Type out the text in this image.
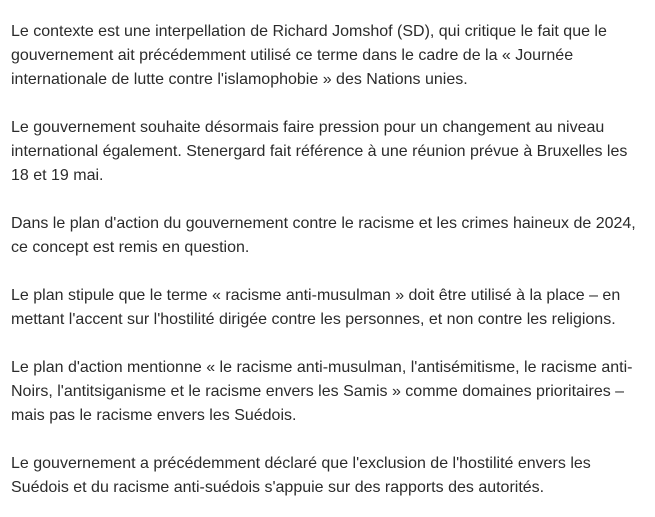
Le contexte est une interpellation de Richard Jomshof (SD), qui critique le fait que le
gouvernement ait précédemment utilisé ce terme dans le cadre de la « Journée
internationale de lutte contre l'islamophobie » des Nations unies.

Le gouvernement souhaite désormais faire pression pour un changement au niveau
international également. Stenergard fait référence à une réunion prévue à Bruxelles les
18 et 19 mai.

Dans le plan d'action du gouvernement contre le racisme et les crimes haineux de 2024,
ce concept est remis en question.

Le plan stipule que le terme « racisme anti-musulman » doit être utilisé à la place – en
mettant l'accent sur l'hostilité dirigée contre les personnes, et non contre les religions.

Le plan d'action mentionne « le racisme anti-musulman, l'antisémitisme, le racisme anti-
Noirs, l'antitsiganisme et le racisme envers les Samis » comme domaines prioritaires –
mais pas le racisme envers les Suédois.

Le gouvernement a précédemment déclaré que l'exclusion de l'hostilité envers les
Suédois et du racisme anti-suédois s'appuie sur des rapports des autorités.
